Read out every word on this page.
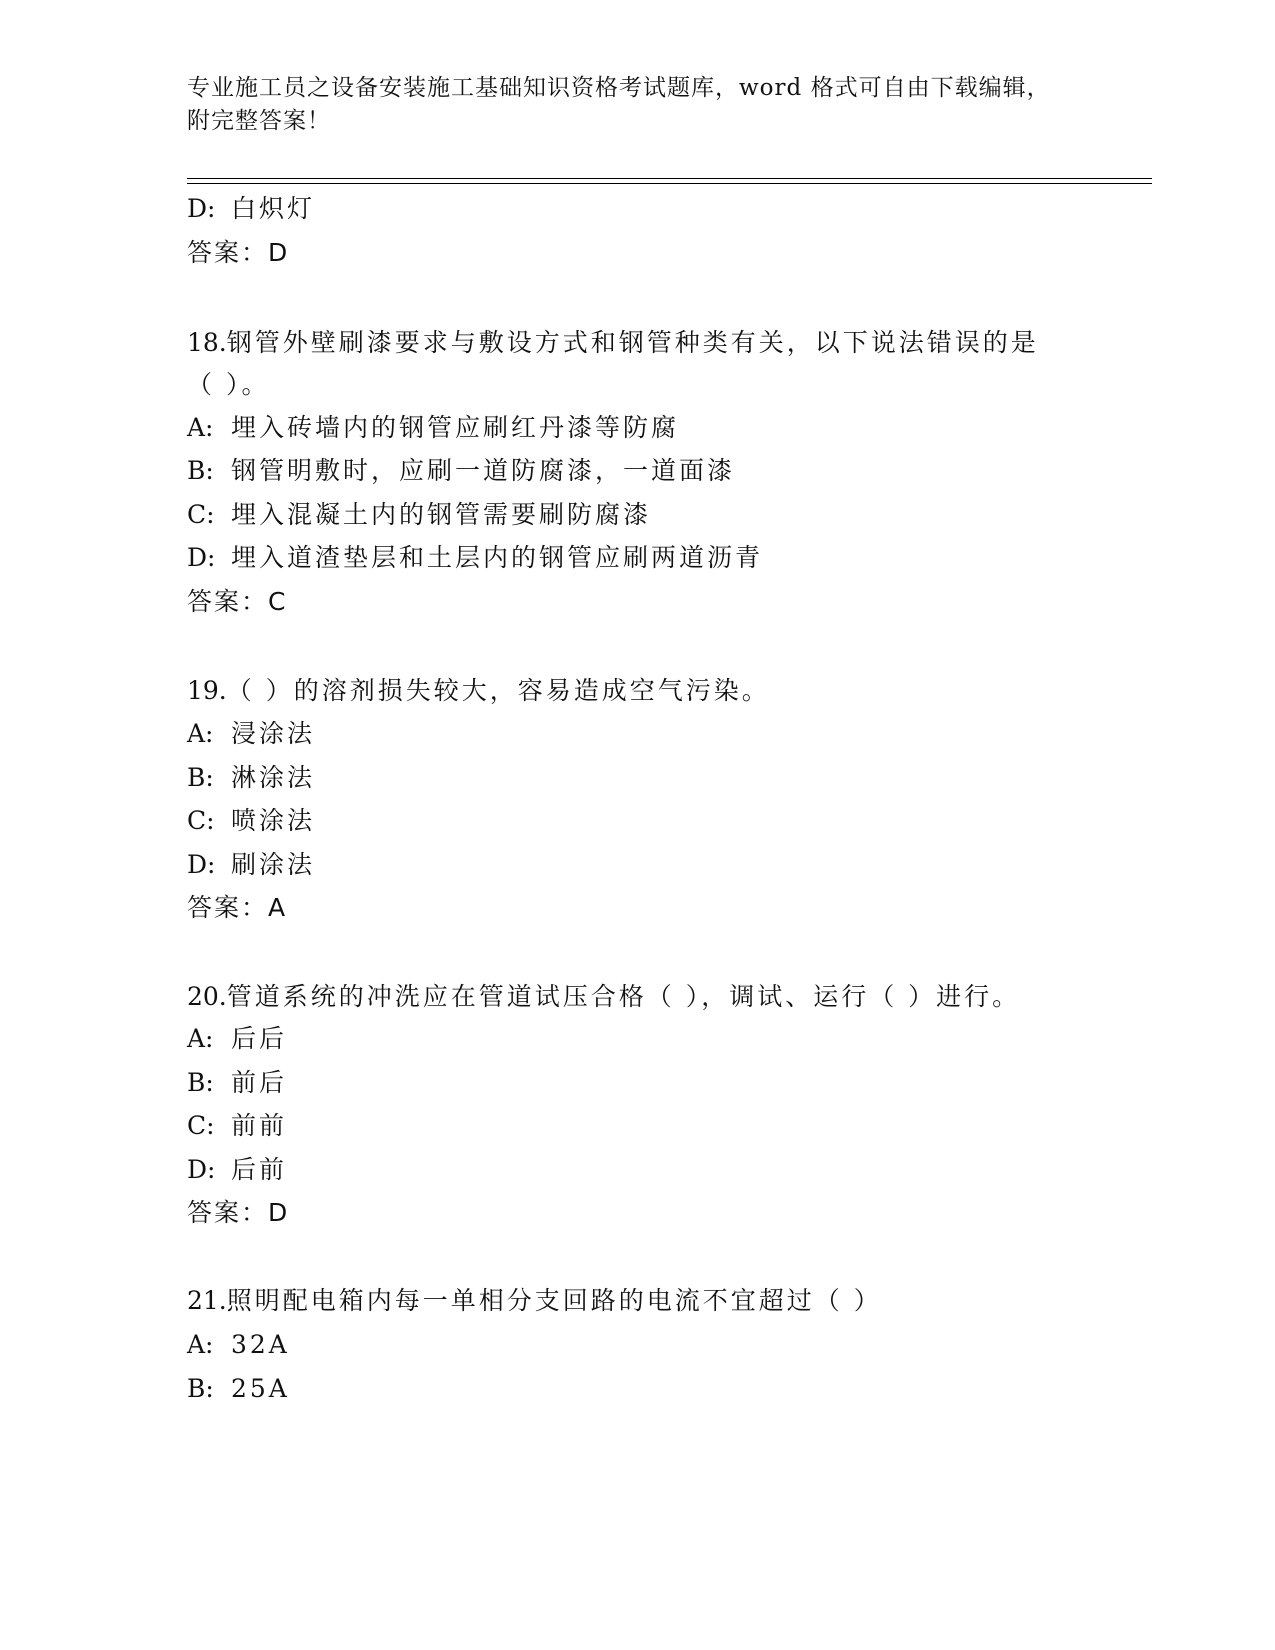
专业施工员之设备安装施工基础知识资格考试题库，word 格式可自由下载编辑，
附完整答案！
D: 白炽灯
答案：D
18.钢管外壁刷漆要求与敷设方式和钢管种类有关，以下说法错误的是
（ ）。
A: 埋入砖墙内的钢管应刷红丹漆等防腐
B: 钢管明敷时，应刷一道防腐漆，一道面漆
C: 埋入混凝土内的钢管需要刷防腐漆
D: 埋入道渣垫层和土层内的钢管应刷两道沥青
答案：C
19.（ ）的溶剂损失较大，容易造成空气污染。
A: 浸涂法
B: 淋涂法
C: 喷涂法
D: 刷涂法
答案：A
20.管道系统的冲洗应在管道试压合格（ ），调试、运行（ ）进行。
A: 后后
B: 前后
C: 前前
D: 后前
答案：D
21.照明配电箱内每一单相分支回路的电流不宜超过（ ）
A: 32A
B: 25A
